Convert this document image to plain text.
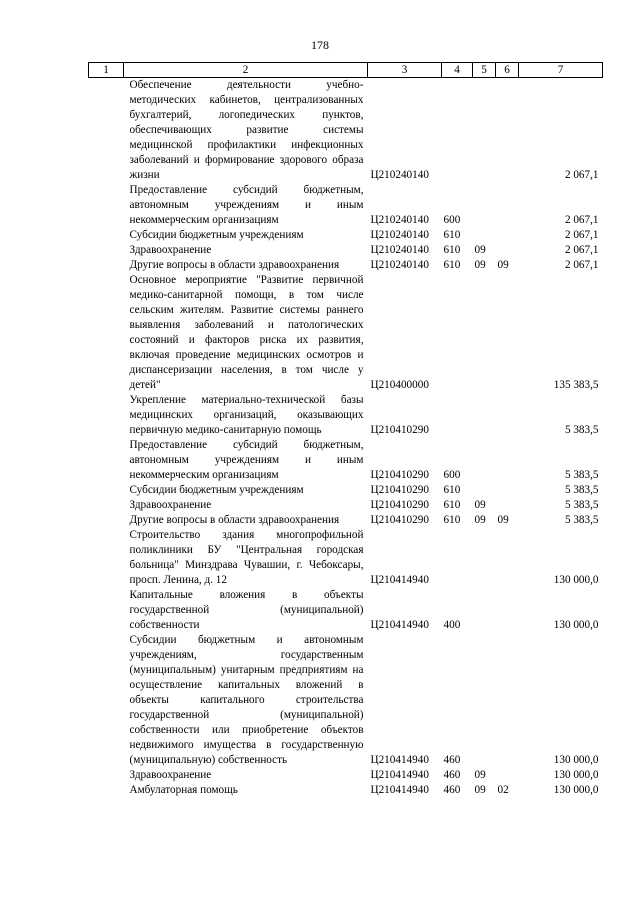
178
1	2	3	4	5	6	7
	Обеспечение деятельности учебно-методических кабинетов, централизованных бухгалтерий, логопедических пунктов, обеспечивающих развитие системы медицинской профилактики инфекционных заболеваний и формирование здорового образа жизни	Ц210240140				2 067,1
	Предоставление субсидий бюджетным, автономным учреждениям и иным некоммерческим организациям	Ц210240140	600			2 067,1
	Субсидии бюджетным учреждениям	Ц210240140	610			2 067,1
	Здравоохранение	Ц210240140	610	09		2 067,1
	Другие вопросы в области здравоохранения	Ц210240140	610	09	09	2 067,1
	Основное мероприятие "Развитие первичной медико-санитарной помощи, в том числе сельским жителям. Развитие системы раннего выявления заболеваний и патологических состояний и факторов риска их развития, включая проведение медицинских осмотров и диспансеризации населения, в том числе у детей"	Ц210400000				135 383,5
	Укрепление материально-технической базы медицинских организаций, оказывающих первичную медико-санитарную помощь	Ц210410290				5 383,5
	Предоставление субсидий бюджетным, автономным учреждениям и иным некоммерческим организациям	Ц210410290	600			5 383,5
	Субсидии бюджетным учреждениям	Ц210410290	610			5 383,5
	Здравоохранение	Ц210410290	610	09		5 383,5
	Другие вопросы в области здравоохранения	Ц210410290	610	09	09	5 383,5
	Строительство здания многопрофильной поликлиники БУ "Центральная городская больница" Минздрава Чувашии, г. Чебоксары, просп. Ленина, д. 12	Ц210414940				130 000,0
	Капитальные вложения в объекты государственной (муниципальной) собственности	Ц210414940	400			130 000,0
	Субсидии бюджетным и автономным учреждениям, государственным (муниципальным) унитарным предприятиям на осуществление капитальных вложений в объекты капитального строительства государственной (муниципальной) собственности или приобретение объектов недвижимого имущества в государственную (муниципальную) собственность	Ц210414940	460			130 000,0
	Здравоохранение	Ц210414940	460	09		130 000,0
	Амбулаторная помощь	Ц210414940	460	09	02	130 000,0
